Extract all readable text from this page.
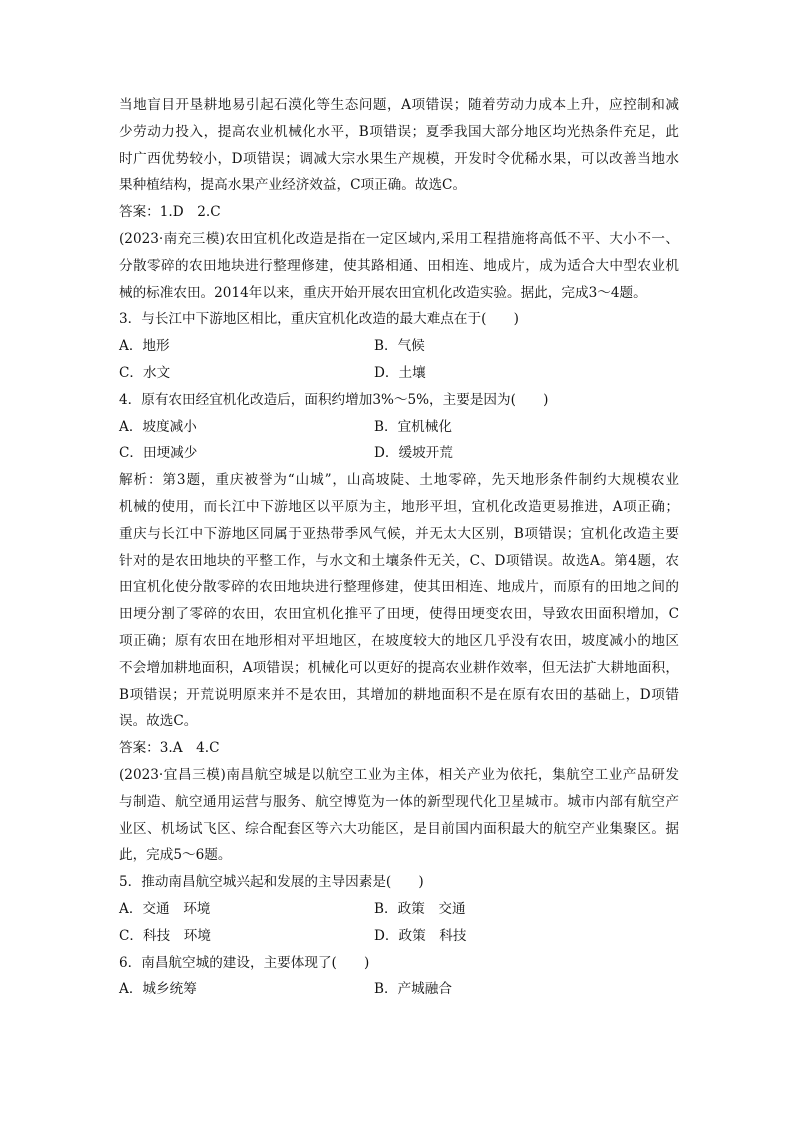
当地盲目开垦耕地易引起石漠化等生态问题，A项错误；随着劳动力成本上升，应控制和减
少劳动力投入，提高农业机械化水平，B项错误；夏季我国大部分地区均光热条件充足，此
时广西优势较小，D项错误；调减大宗水果生产规模，开发时令优稀水果，可以改善当地水
果种植结构，提高水果产业经济效益，C项正确。故选C。
答案：1.D　2.C
(2023·南充三模)农田宜机化改造是指在一定区域内,采用工程措施将高低不平、大小不一、
分散零碎的农田地块进行整理修建，使其路相通、田相连、地成片，成为适合大中型农业机
械的标准农田。2014年以来，重庆开始开展农田宜机化改造实验。据此，完成3～4题。
3．与长江中下游地区相比，重庆宜机化改造的最大难点在于(　　)
A．地形	B．气候
C．水文	D．土壤
4．原有农田经宜机化改造后，面积约增加3%～5%，主要是因为(　　)
A．坡度减小	B．宜机械化
C．田埂减少	D．缓坡开荒
解析：第3题，重庆被誉为“山城”，山高坡陡、土地零碎，先天地形条件制约大规模农业
机械的使用，而长江中下游地区以平原为主，地形平坦，宜机化改造更易推进，A项正确；
重庆与长江中下游地区同属于亚热带季风气候，并无太大区别，B项错误；宜机化改造主要
针对的是农田地块的平整工作，与水文和土壤条件无关，C、D项错误。故选A。第4题，农
田宜机化使分散零碎的农田地块进行整理修建，使其田相连、地成片，而原有的田地之间的
田埂分割了零碎的农田，农田宜机化推平了田埂，使得田埂变农田，导致农田面积增加，C
项正确；原有农田在地形相对平坦地区，在坡度较大的地区几乎没有农田，坡度减小的地区
不会增加耕地面积，A项错误；机械化可以更好的提高农业耕作效率，但无法扩大耕地面积，
B项错误；开荒说明原来并不是农田，其增加的耕地面积不是在原有农田的基础上，D项错
误。故选C。
答案：3.A　4.C
(2023·宜昌三模)南昌航空城是以航空工业为主体，相关产业为依托，集航空工业产品研发
与制造、航空通用运营与服务、航空博览为一体的新型现代化卫星城市。城市内部有航空产
业区、机场试飞区、综合配套区等六大功能区，是目前国内面积最大的航空产业集聚区。据
此，完成5～6题。
5．推动南昌航空城兴起和发展的主导因素是(　　)
A．交通　环境	B．政策　交通
C．科技　环境	D．政策　科技
6．南昌航空城的建设，主要体现了(　　)
A．城乡统筹	B．产城融合
